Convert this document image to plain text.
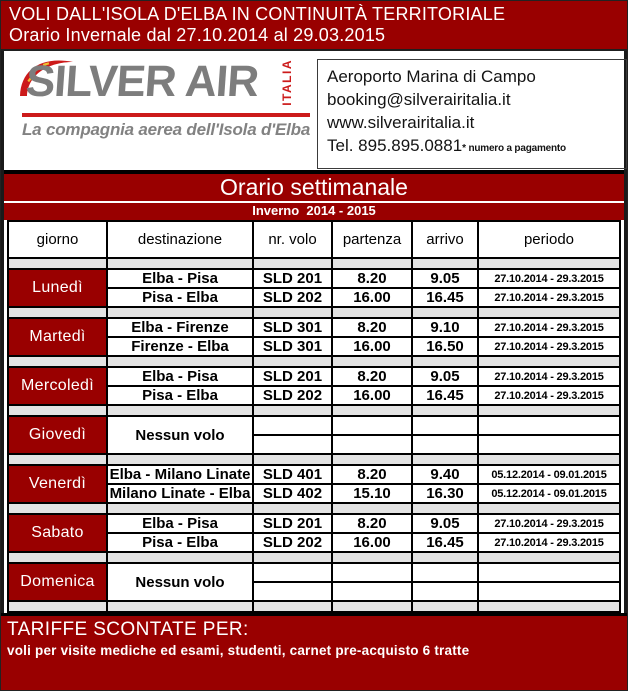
VOLI DALL'ISOLA D'ELBA IN CONTINUITÀ TERRITORIALE
Orario Invernale dal 27.10.2014 al 29.03.2015
SILVER AIR	ITALIA
La compagnia aerea dell'Isola d'Elba
Aeroporto Marina di Campo
booking@silverairitalia.it
www.silverairitalia.it
Tel. 895.895.0881* numero a pagamento
Orario settimanale
Inverno  2014 - 2015
giorno	destinazione	nr. volo	partenza	arrivo	periodo

Lunedì	Elba - Pisa	SLD 201	8.20	9.05	27.10.2014 - 29.3.2015
	Pisa - Elba	SLD 202	16.00	16.45	27.10.2014 - 29.3.2015

Martedì	Elba - Firenze	SLD 301	8.20	9.10	27.10.2014 - 29.3.2015
	Firenze - Elba	SLD 301	16.00	16.50	27.10.2014 - 29.3.2015

Mercoledì	Elba - Pisa	SLD 201	8.20	9.05	27.10.2014 - 29.3.2015
	Pisa - Elba	SLD 202	16.00	16.45	27.10.2014 - 29.3.2015

Giovedì	Nessun volo				

Venerdì	Elba - Milano Linate	SLD 401	8.20	9.40	05.12.2014 - 09.01.2015
	Milano Linate - Elba	SLD 402	15.10	16.30	05.12.2014 - 09.01.2015

Sabato	Elba - Pisa	SLD 201	8.20	9.05	27.10.2014 - 29.3.2015
	Pisa - Elba	SLD 202	16.00	16.45	27.10.2014 - 29.3.2015

Domenica	Nessun volo				

TARIFFE SCONTATE PER:
voli per visite mediche ed esami, studenti, carnet pre-acquisto 6 tratte
